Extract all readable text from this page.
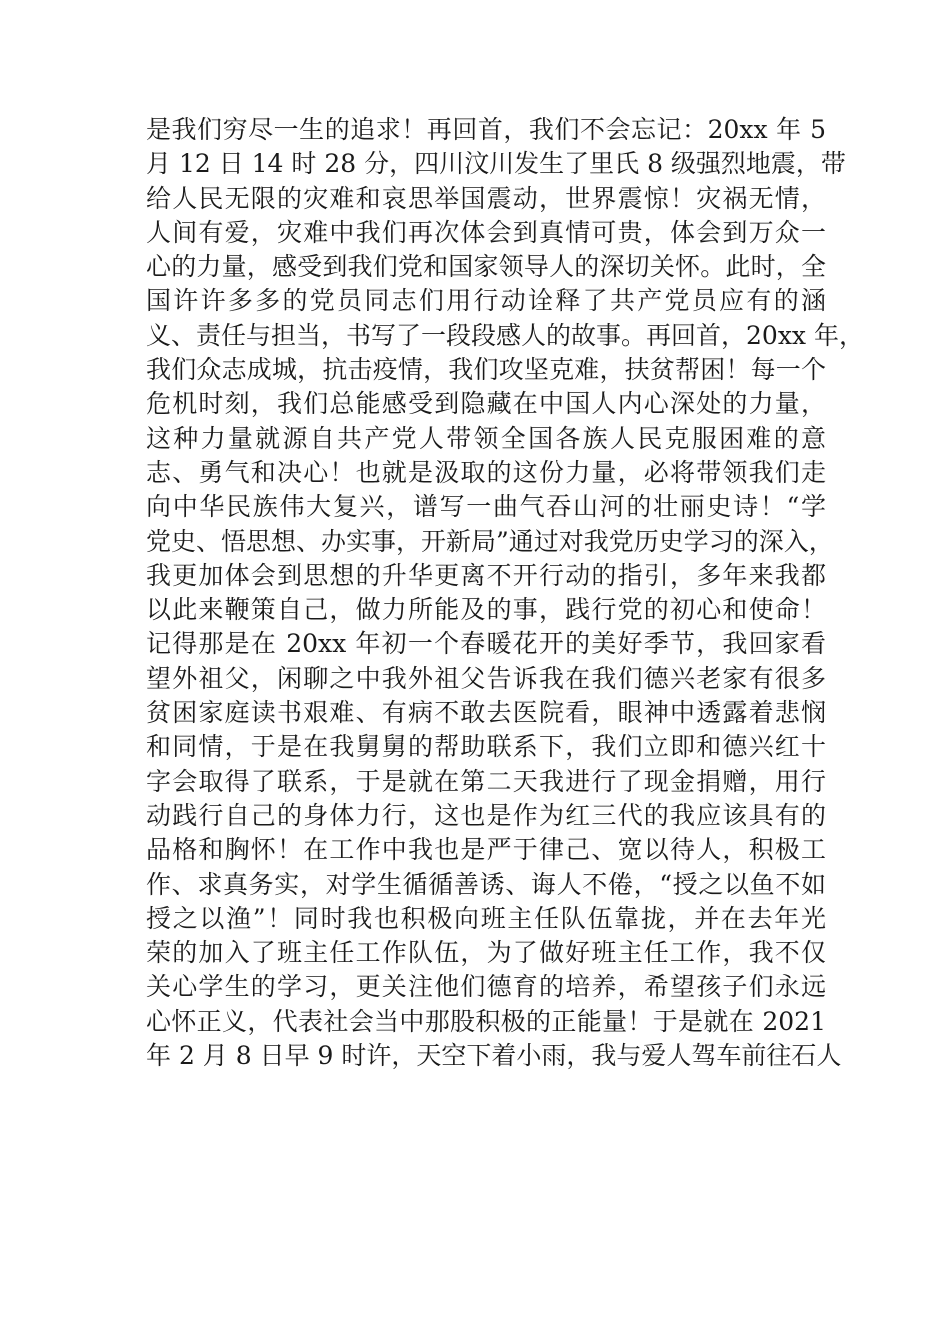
是我们穷尽一生的追求！再回首，我们不会忘记：20xx 年 5
月 12 日 14 时 28 分，四川汶川发生了里氏 8 级强烈地震，带
给人民无限的灾难和哀思举国震动，世界震惊！灾祸无情，
人间有爱，灾难中我们再次体会到真情可贵，体会到万众一
心的力量，感受到我们党和国家领导人的深切关怀。此时，全
国许许多多的党员同志们用行动诠释了共产党员应有的涵
义、责任与担当，书写了一段段感人的故事。再回首，20xx 年，
我们众志成城，抗击疫情，我们攻坚克难，扶贫帮困！每一个
危机时刻，我们总能感受到隐藏在中国人内心深处的力量，
这种力量就源自共产党人带领全国各族人民克服困难的意
志、勇气和决心！也就是汲取的这份力量，必将带领我们走
向中华民族伟大复兴，谱写一曲气吞山河的壮丽史诗！“学
党史、悟思想、办实事，开新局”通过对我党历史学习的深入，
我更加体会到思想的升华更离不开行动的指引，多年来我都
以此来鞭策自己，做力所能及的事，践行党的初心和使命！
记得那是在 20xx 年初一个春暖花开的美好季节，我回家看
望外祖父，闲聊之中我外祖父告诉我在我们德兴老家有很多
贫困家庭读书艰难、有病不敢去医院看，眼神中透露着悲悯
和同情，于是在我舅舅的帮助联系下，我们立即和德兴红十
字会取得了联系，于是就在第二天我进行了现金捐赠，用行
动践行自己的身体力行，这也是作为红三代的我应该具有的
品格和胸怀！在工作中我也是严于律己、宽以待人，积极工
作、求真务实，对学生循循善诱、诲人不倦，“授之以鱼不如
授之以渔”！同时我也积极向班主任队伍靠拢，并在去年光
荣的加入了班主任工作队伍，为了做好班主任工作，我不仅
关心学生的学习，更关注他们德育的培养，希望孩子们永远
心怀正义，代表社会当中那股积极的正能量！于是就在 2021
年 2 月 8 日早 9 时许，天空下着小雨，我与爱人驾车前往石人
